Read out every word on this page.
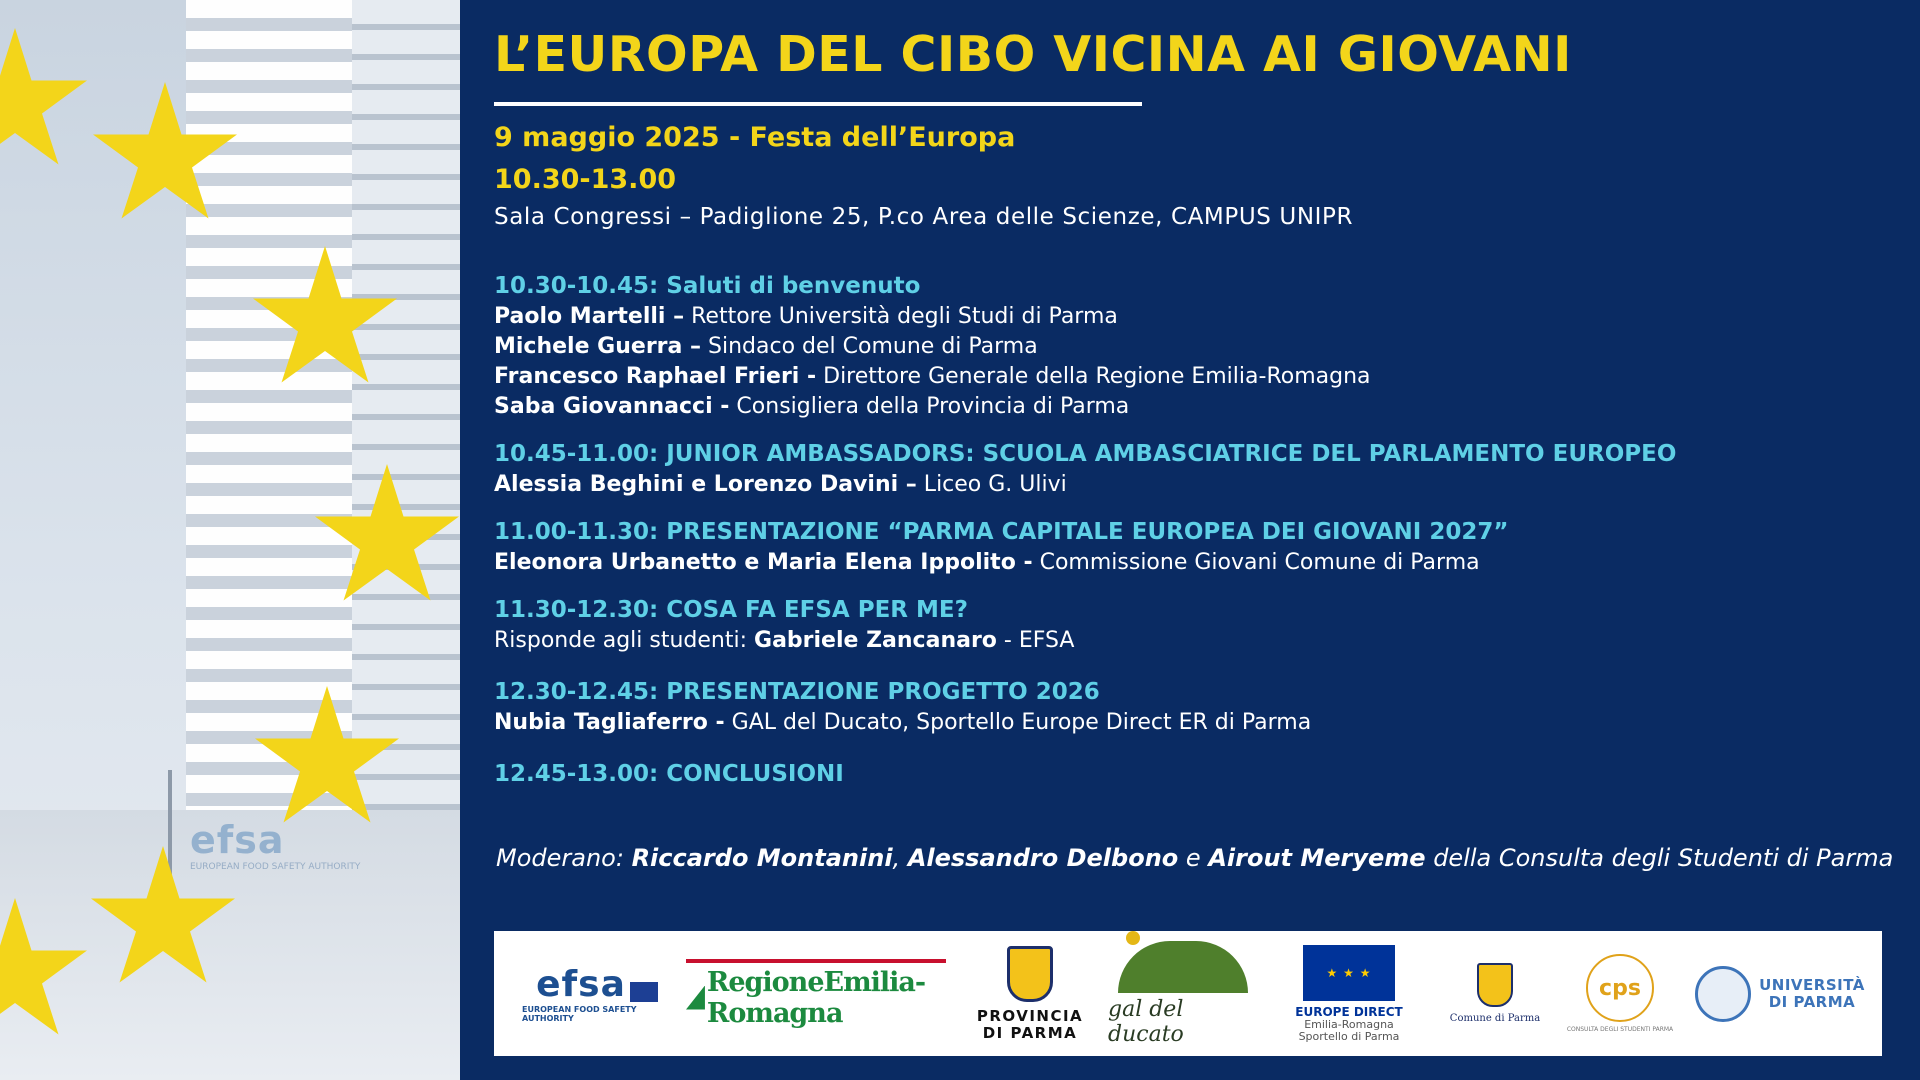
efsa
EUROPEAN FOOD SAFETY AUTHORITY
L’EUROPA DEL CIBO VICINA AI GIOVANI
9 maggio 2025 - Festa dell’Europa
10.30-13.00
Sala Congressi – Padiglione 25, P.co Area delle Scienze, CAMPUS UNIPR
10.30-10.45: Saluti di benvenuto
Paolo Martelli – Rettore Università degli Studi di Parma
Michele Guerra – Sindaco del Comune di Parma
Francesco Raphael Frieri - Direttore Generale della Regione Emilia-Romagna
Saba Giovannacci - Consigliera della Provincia di Parma
10.45-11.00: JUNIOR AMBASSADORS: SCUOLA AMBASCIATRICE DEL PARLAMENTO EUROPEO
Alessia Beghini e Lorenzo Davini – Liceo G. Ulivi
11.00-11.30: PRESENTAZIONE “PARMA CAPITALE EUROPEA DEI GIOVANI 2027”
Eleonora Urbanetto e Maria Elena Ippolito - Commissione Giovani Comune di Parma
11.30-12.30: COSA FA EFSA PER ME?
Risponde agli studenti: Gabriele Zancanaro - EFSA
12.30-12.45: PRESENTAZIONE PROGETTO 2026
Nubia Tagliaferro - GAL del Ducato, Sportello Europe Direct ER di Parma
12.45-13.00: CONCLUSIONI
Moderano: Riccardo Montanini, Alessandro Delbono e Airout Meryeme della Consulta degli Studenti di Parma
efsa
EUROPEAN FOOD SAFETY AUTHORITY
RegioneEmilia-Romagna	PROVINCIA
DI PARMA
gal del ducato
★ ★ ★
EUROPE DIRECT
Emilia-Romagna
Sportello di Parma
Comune di Parma
cps
CONSULTA DEGLI STUDENTI PARMA
UNIVERSITÀ
DI PARMA
